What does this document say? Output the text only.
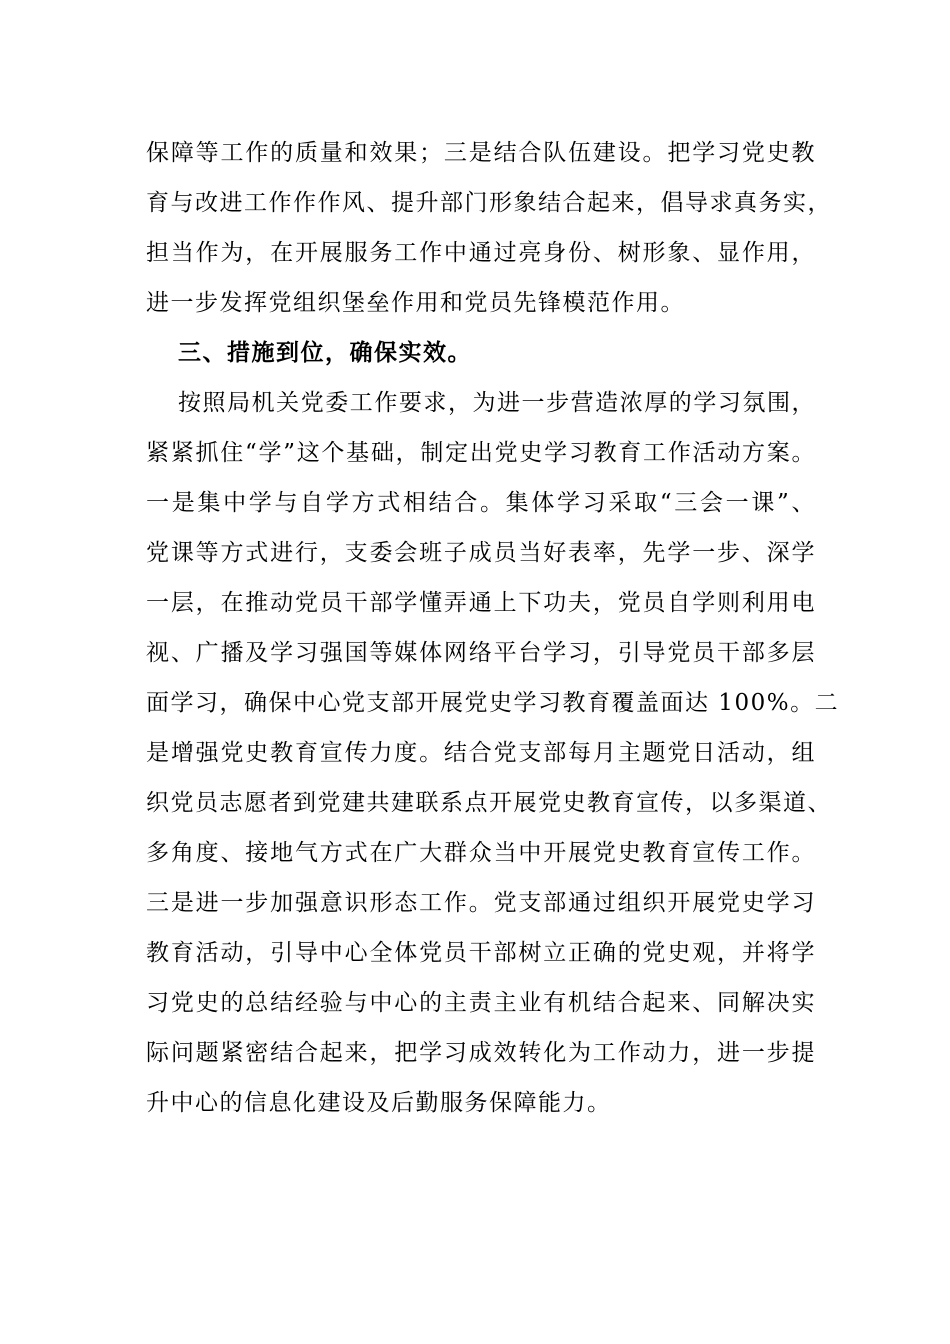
保障等工作的质量和效果；三是结合队伍建设。把学习党史教
育与改进工作作作风、提升部门形象结合起来，倡导求真务实，
担当作为，在开展服务工作中通过亮身份、树形象、显作用，
进一步发挥党组织堡垒作用和党员先锋模范作用。
三、措施到位，确保实效。
按照局机关党委工作要求，为进一步营造浓厚的学习氛围，
紧紧抓住“学”这个基础，制定出党史学习教育工作活动方案。
一是集中学与自学方式相结合。集体学习采取“三会一课”、
党课等方式进行，支委会班子成员当好表率，先学一步、深学
一层，在推动党员干部学懂弄通上下功夫，党员自学则利用电
视、广播及学习强国等媒体网络平台学习，引导党员干部多层
面学习，确保中心党支部开展党史学习教育覆盖面达 100%。二
是增强党史教育宣传力度。结合党支部每月主题党日活动，组
织党员志愿者到党建共建联系点开展党史教育宣传，以多渠道、
多角度、接地气方式在广大群众当中开展党史教育宣传工作。
三是进一步加强意识形态工作。党支部通过组织开展党史学习
教育活动，引导中心全体党员干部树立正确的党史观，并将学
习党史的总结经验与中心的主责主业有机结合起来、同解决实
际问题紧密结合起来，把学习成效转化为工作动力，进一步提
升中心的信息化建设及后勤服务保障能力。
